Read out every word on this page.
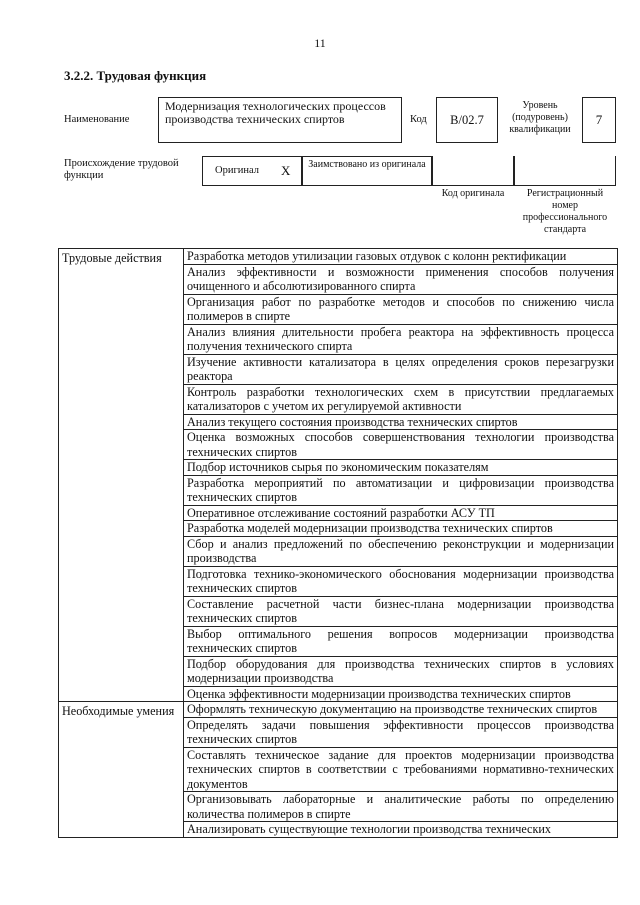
11
3.2.2. Трудовая функция
Наименование
Модернизация технологических процессов производства технических спиртов	Код	В/02.7
Уровень (подуровень) квалификации
7
Происхождение трудовой функции	Оригинал X	Заимствовано из оригинала
Код оригинала	Регистрационный номер профессионального стандарта
Трудовые действия	Разработка методов утилизации газовых отдувок с колонн ректификации
	Анализ эффективности и возможности применения способов получения очищенного и абсолютизированного спирта
	Организация работ по разработке методов и способов по снижению числа полимеров в спирте
	Анализ влияния длительности пробега реактора на эффективность процесса получения технического спирта
	Изучение активности катализатора в целях определения сроков перезагрузки реактора
	Контроль разработки технологических схем в присутствии предлагаемых катализаторов с учетом их регулируемой активности
	Анализ текущего состояния производства технических спиртов
	Оценка возможных способов совершенствования технологии производства технических спиртов
	Подбор источников сырья по экономическим показателям
	Разработка мероприятий по автоматизации и цифровизации производства технических спиртов
	Оперативное отслеживание состояний разработки АСУ ТП
	Разработка моделей модернизации производства технических спиртов
	Сбор и анализ предложений по обеспечению реконструкции и модернизации производства
	Подготовка технико-экономического обоснования модернизации производства технических спиртов
	Составление расчетной части бизнес-плана модернизации производства технических спиртов
	Выбор оптимального решения вопросов модернизации производства технических спиртов
	Подбор оборудования для производства технических спиртов в условиях модернизации производства
	Оценка эффективности модернизации производства технических спиртов
Необходимые умения	Оформлять техническую документацию на производстве технических спиртов
	Определять задачи повышения эффективности процессов производства технических спиртов
	Составлять техническое задание для проектов модернизации производства технических спиртов в соответствии с требованиями нормативно-технических документов
	Организовывать лабораторные и аналитические работы по определению количества полимеров в спирте
	Анализировать существующие технологии производства технических
